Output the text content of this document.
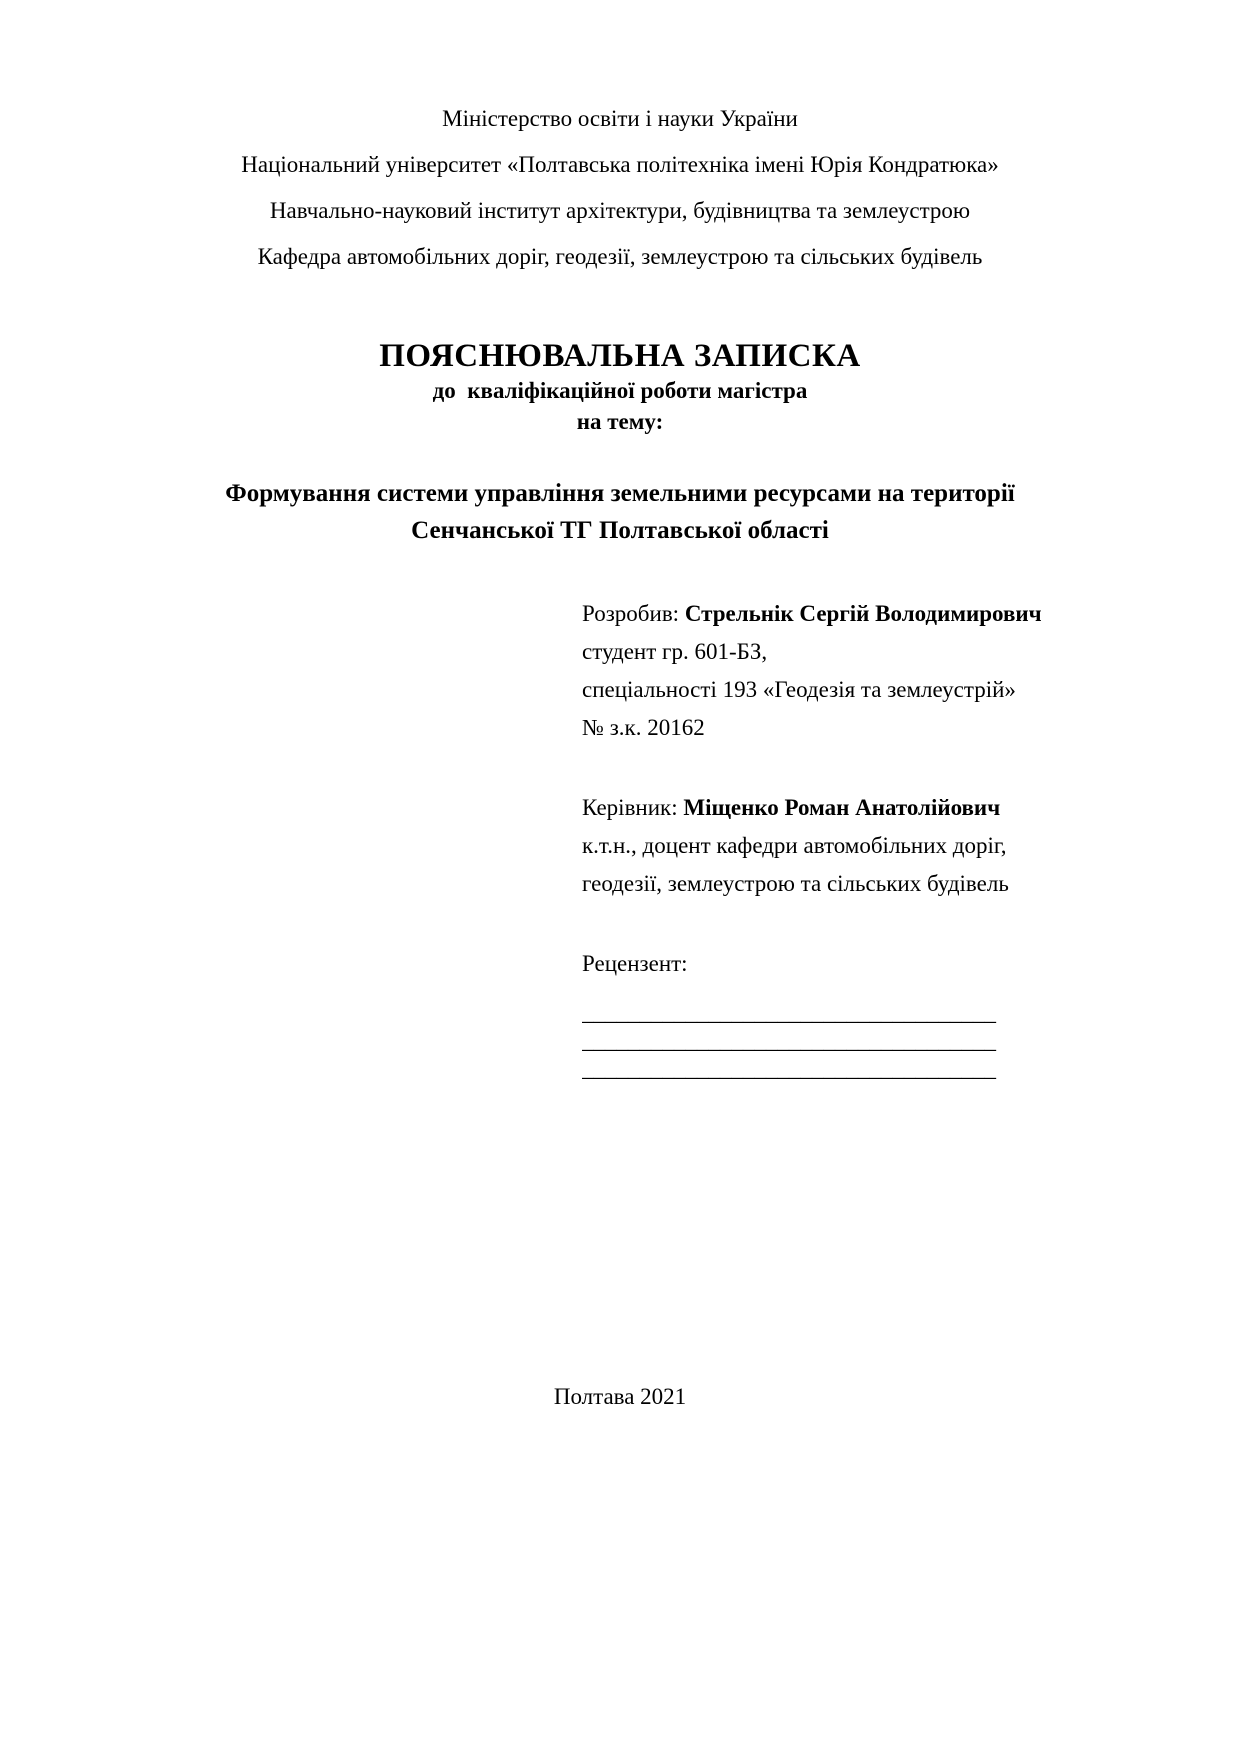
Міністерство освіти і науки України

Національний університет «Полтавська політехніка імені Юрія Кондратюка»

Навчально-науковий інститут архітектури, будівництва та землеустрою

Кафедра автомобільних доріг, геодезії, землеустрою та сільських будівель

ПОЯСНЮВАЛЬНА ЗАПИСКА

до  кваліфікаційної роботи магістра

на тему:

Формування системи управління земельними ресурсами на території Сенчанської ТГ Полтавської області

Розробив: Стрельнік Сергій Володимирович

студент гр. 601-БЗ,

спеціальності 193 «Геодезія та землеустрій»

№ з.к. 20162

Керівник: Міщенко Роман Анатолійович

к.т.н., доцент кафедри автомобільних доріг, геодезії, землеустрою та сільських будівель

Рецензент:

____________________________________

____________________________________

____________________________________

Полтава 2021
